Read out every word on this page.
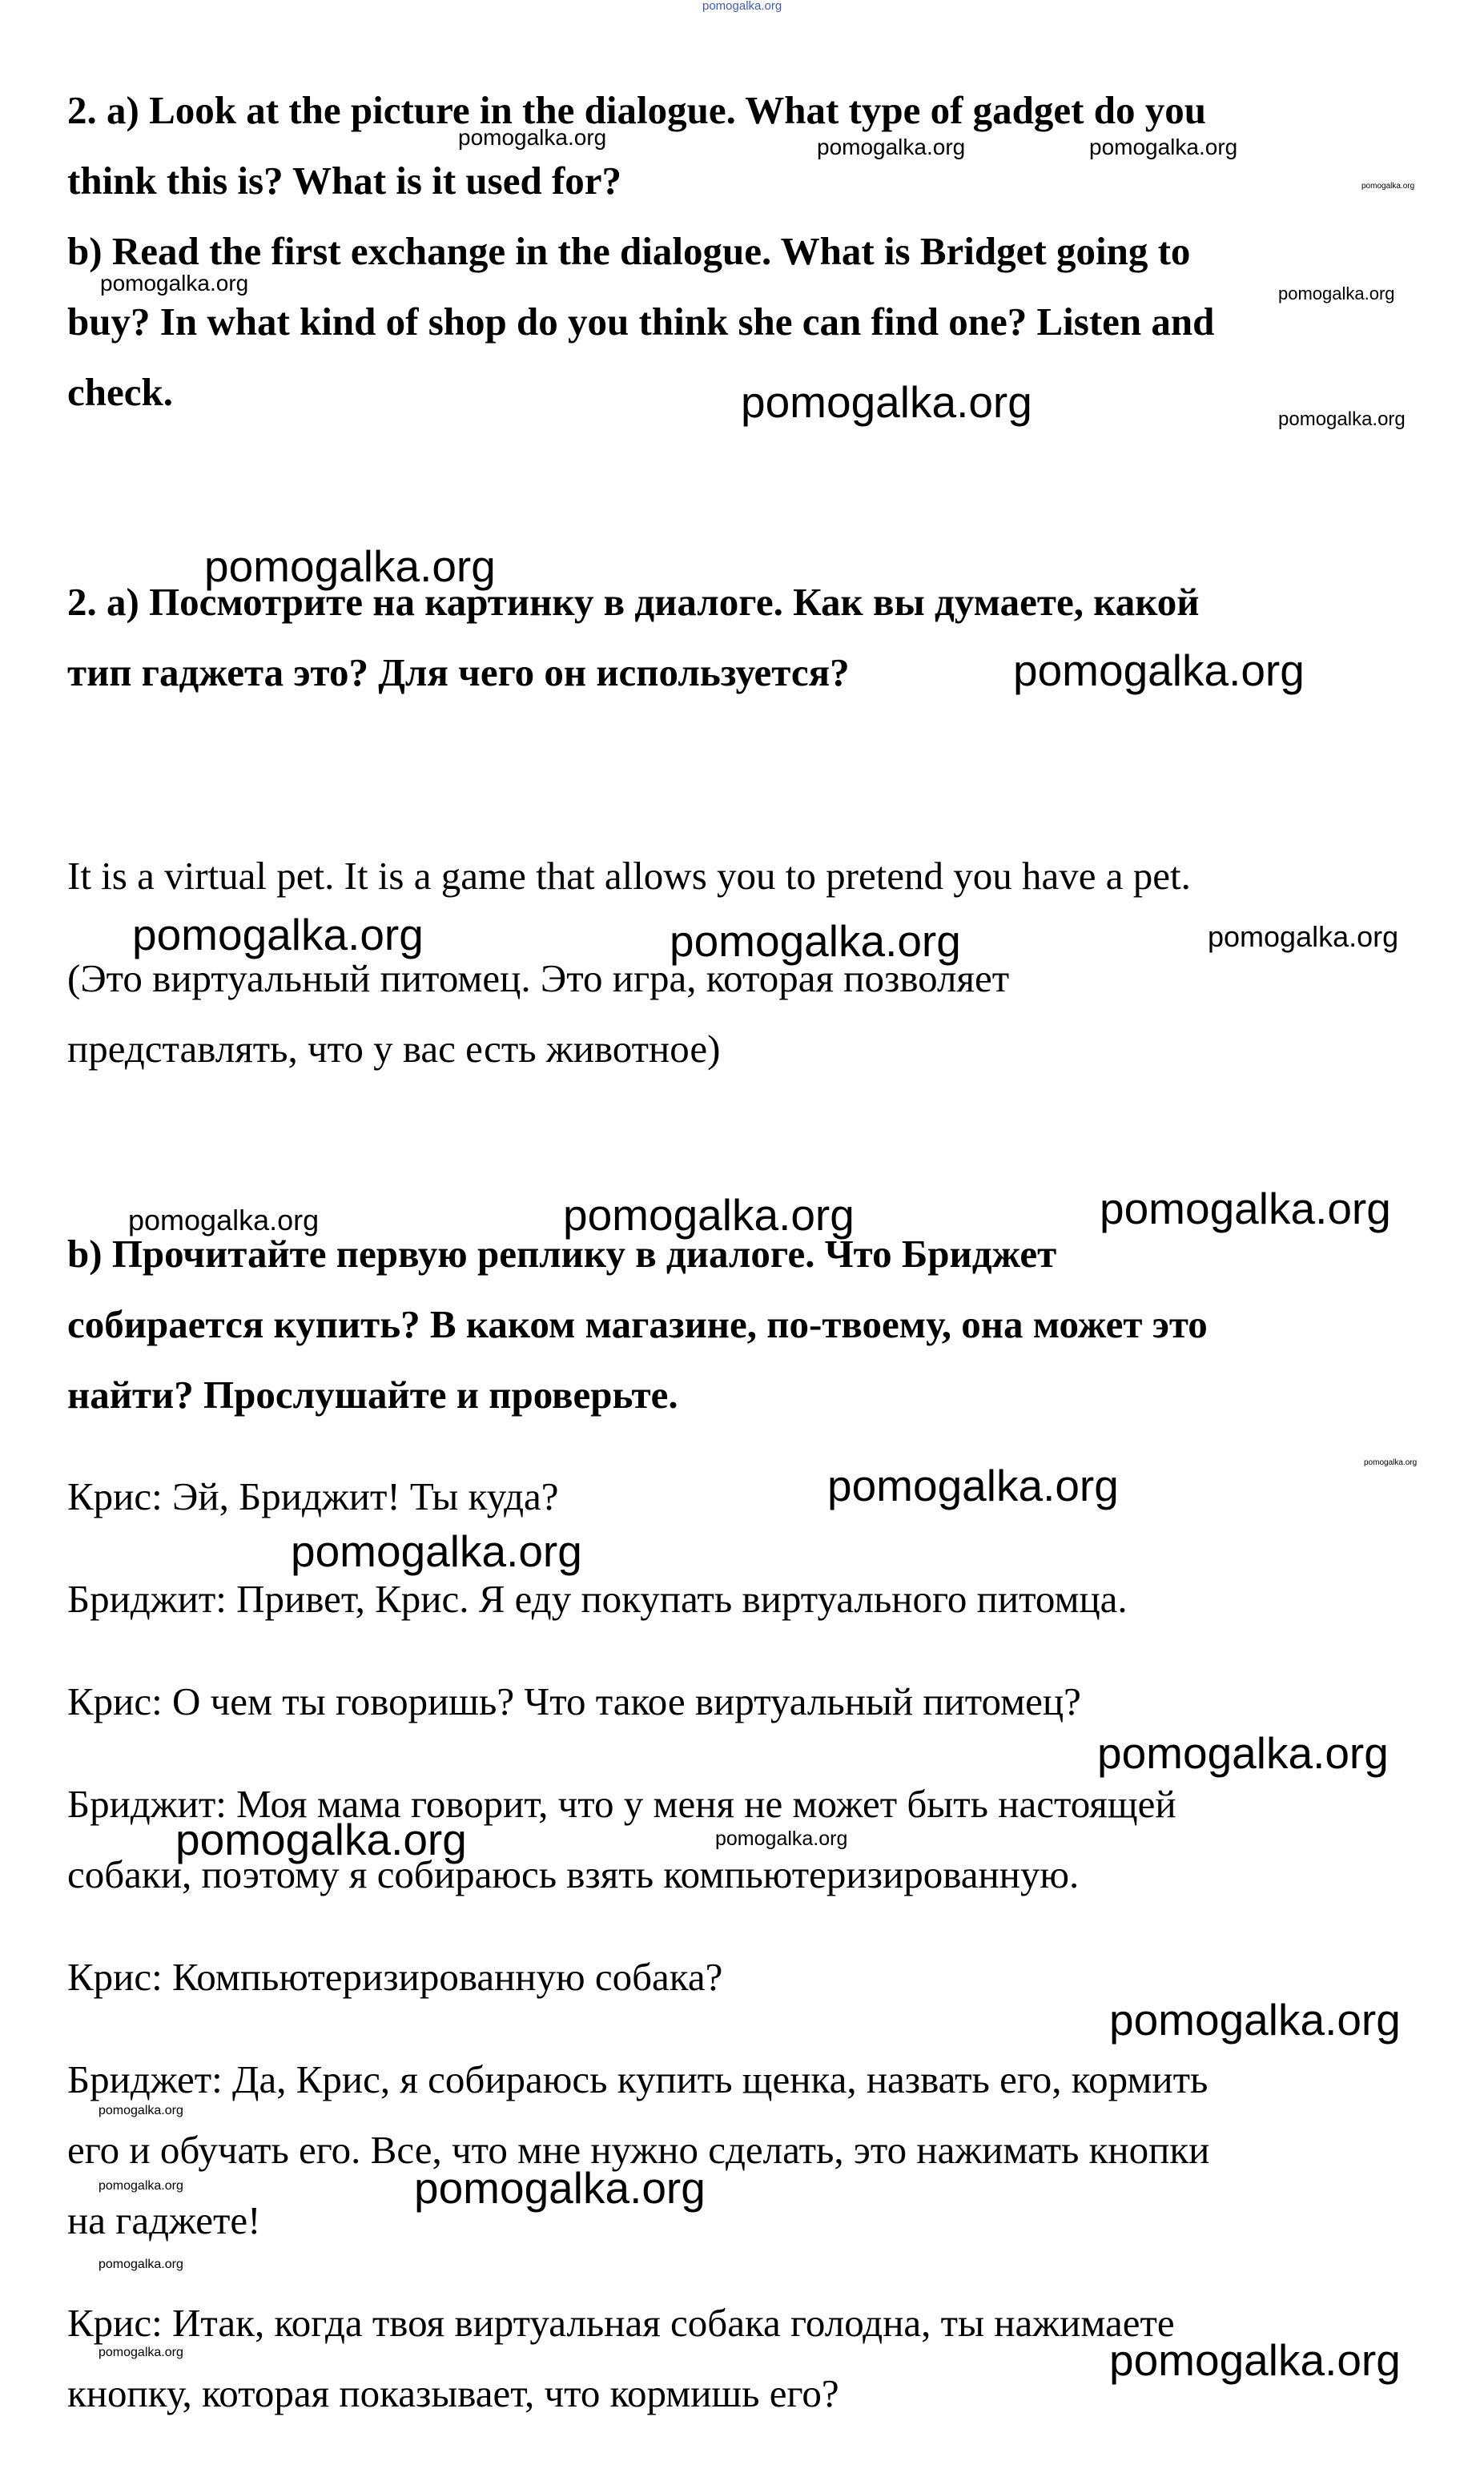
pomogalka.org
pomogalka.org	pomogalka.org	pomogalka.org
pomogalka.org
pomogalka.org	pomogalka.org
pomogalka.org	pomogalka.org
pomogalka.org
pomogalka.org
pomogalka.org	pomogalka.org	pomogalka.org
pomogalka.org	pomogalka.org	pomogalka.org
pomogalka.org	pomogalka.org
pomogalka.org
pomogalka.org
pomogalka.org	pomogalka.org
pomogalka.org
pomogalka.org
pomogalka.org	pomogalka.org
pomogalka.org
pomogalka.org	pomogalka.org

2. a) Look at the picture in the dialogue. What type of gadget do you

think this is? What is it used for?

b) Read the first exchange in the dialogue. What is Bridget going to

buy? In what kind of shop do you think she can find one? Listen and

check.

2. a) Посмотрите на картинку в диалоге. Как вы думаете, какой

тип гаджета это? Для чего он используется?

It is a virtual pet. It is a game that allows you to pretend you have a pet.

(Это виртуальный питомец. Это игра, которая позволяет

представлять, что у вас есть животное)

b) Прочитайте первую реплику в диалоге. Что Бриджет

собирается купить? В каком магазине, по-твоему, она может это

найти? Прослушайте и проверьте.

Крис: Эй, Бриджит! Ты куда?

Бриджит: Привет, Крис. Я еду покупать виртуального питомца.

Крис: О чем ты говоришь? Что такое виртуальный питомец?

Бриджит: Моя мама говорит, что у меня не может быть настоящей

собаки, поэтому я собираюсь взять компьютеризированную.

Крис: Компьютеризированную собака?

Бриджет: Да, Крис, я собираюсь купить щенка, назвать его, кормить

его и обучать его. Все, что мне нужно сделать, это нажимать кнопки

на гаджете!

Крис: Итак, когда твоя виртуальная собака голодна, ты нажимаете

кнопку, которая показывает, что кормишь его?
